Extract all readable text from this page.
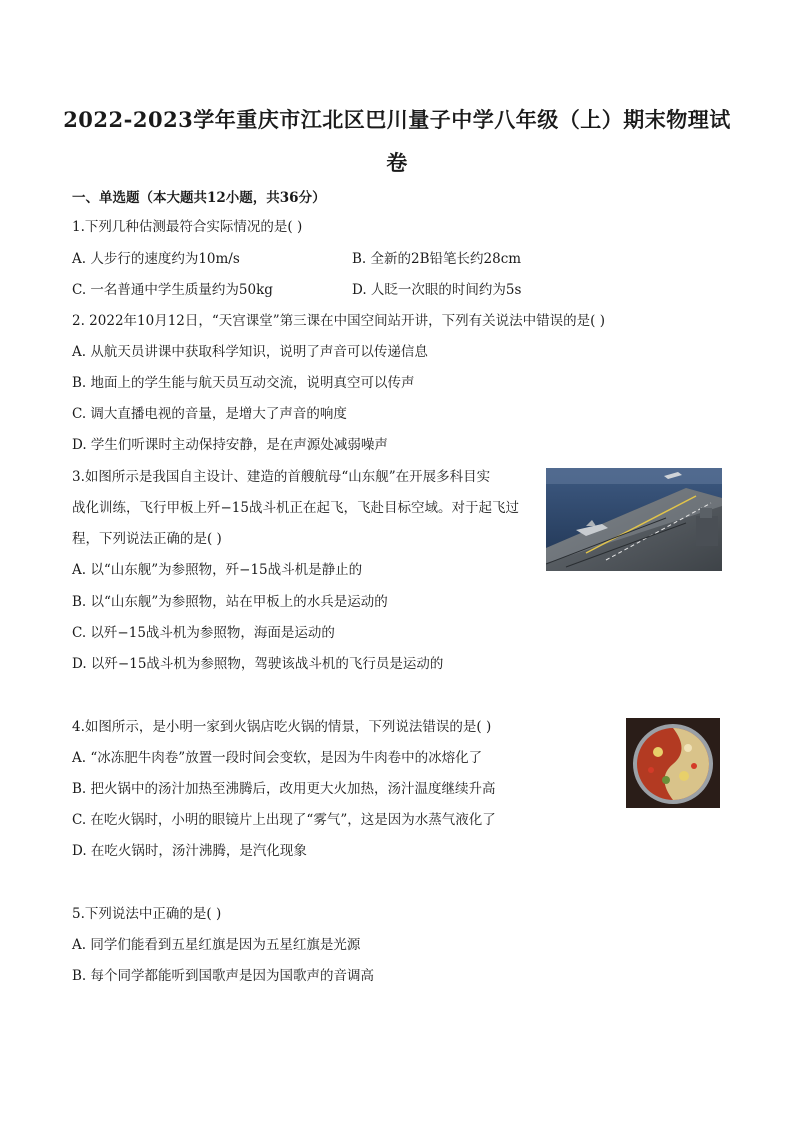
2022-2023学年重庆市江北区巴川量子中学八年级（上）期末物理试
卷
一、单选题（本大题共12小题，共36分）
1.下列几种估测最符合实际情况的是( )
A. 人步行的速度约为10m/s	B. 全新的2B铅笔长约28cm
C. 一名普通中学生质量约为50kg	D. 人眨一次眼的时间约为5s
2. 2022年10月12日，“天宫课堂”第三课在中国空间站开讲，下列有关说法中错误的是( )
A. 从航天员讲课中获取科学知识，说明了声音可以传递信息
B. 地面上的学生能与航天员互动交流，说明真空可以传声
C. 调大直播电视的音量，是增大了声音的响度
D. 学生们听课时主动保持安静，是在声源处减弱噪声
3.如图所示是我国自主设计、建造的首艘航母“山东舰”在开展多科目实
战化训练，飞行甲板上歼−15战斗机正在起飞，飞赴目标空域。对于起飞过
程，下列说法正确的是( )
A. 以“山东舰”为参照物，歼−15战斗机是静止的
B. 以“山东舰”为参照物，站在甲板上的水兵是运动的
C. 以歼−15战斗机为参照物，海面是运动的
D. 以歼−15战斗机为参照物，驾驶该战斗机的飞行员是运动的
4.如图所示，是小明一家到火锅店吃火锅的情景，下列说法错误的是( )
A. “冰冻肥牛肉卷”放置一段时间会变软，是因为牛肉卷中的冰熔化了
B. 把火锅中的汤汁加热至沸腾后，改用更大火加热，汤汁温度继续升高
C. 在吃火锅时，小明的眼镜片上出现了“雾气”，这是因为水蒸气液化了
D. 在吃火锅时，汤汁沸腾，是汽化现象
5.下列说法中正确的是( )
A. 同学们能看到五星红旗是因为五星红旗是光源
B. 每个同学都能听到国歌声是因为国歌声的音调高
